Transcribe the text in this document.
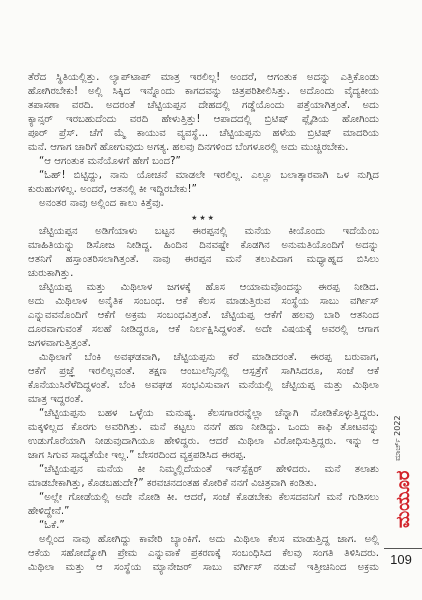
ತೆರೆದ ಸ್ಥಿತಿಯಲ್ಲಿತ್ತು. ಲ್ಯಾಪ್‌ಟಾಪ್ ಮಾತ್ರ ಇರಲಿಲ್ಲ! ಅಂದರೆ, ಆಗಂತುಕ ಅದನ್ನು ಎತ್ತಿಕೊಂಡು
ಹೋಗಿರಬೇಕು! ಅಲ್ಲಿ ಸಿಕ್ಕಿದ ಇನ್ನೊಂದು ಕಾಗದವನ್ನು ಚಿತ್ರಪರಿಶೀಲಿಸಿತ್ತು. ಅದೊಂದು ವೈದ್ಯಕೀಯ
ತಪಾಸಣಾ ವರದಿ. ಅದರಂತೆ ಚೆಟ್ಟಿಯಪ್ಪನ ದೇಹದಲ್ಲಿ ಗಡ್ಡೆಯೊಂದು ಪತ್ತೆಯಾಗಿತ್ತಂತೆ. ಅದು
ಕ್ಯಾನ್ಸರ್ ಇರಬಹುದೆಂದು ವರದಿ ಹೇಳುತ್ತಿತ್ತು! ಆಪಾದದಲ್ಲಿ ಬ್ರಿಟಿಷ್ ಪ್ಲೈಡಿಯ ಹೋಗಿಂದು
ಪೂರ್ ಪ್ರೆಸ್. ಚೆಗೆ ಮ್ಮೆ ಕಾಯುವ ವ್ಯವಸ್ಥೆ... ಚೆಟ್ಟಿಯಪ್ಪನು ಹಳೆಯ ಬ್ರಿಟಿಷ್ ಮಾದರಿಯ
ಮನೆ. ಆಗಾಗ ಚಾರಿಗೆ ಹೋಗುವುದು ಅಗತ್ಯ. ಹಲವು ದಿನಗಳಿಂದ ಬೆಂಗಳೂರಲ್ಲಿ ಅದು ಮುಚ್ಚಿರಬೇಕು.
“ಆ ಆಗಂತುಕ ಮನೆಯೊಳಗೆ ಹೇಗೆ ಬಂದ?”
“ಓಹ್! ಬಿಟ್ಟಿದ್ದು, ನಾನು ಯೋಚನೆ ಮಾಡಲೇ ಇರಲಿಲ್ಲ. ಎಲ್ಲೂ ಬಲಾತ್ಕಾರವಾಗಿ ಒಳ ನುಗ್ಗಿದ
ಕುರುಹುಗಳಿಲ್ಲ. ಅಂದರೆ, ಆತನಲ್ಲಿ ಕೀ ಇದ್ದಿರಬೇಕು!”
ಅನಂತರ ನಾವು ಅಲ್ಲಿಂದ ಕಾಲು ಕಿತ್ತೆವು.
★★★
ಚೆಟ್ಟಿಯಪ್ಪನ ಅಡಿಗೆಯಾಳು ಬಟ್ಟನ ಈರಪ್ಪನಲ್ಲಿ ಮನೆಯ ಕೀಯೊಂದು ಇದೆಯೆಂಬ
ಮಾಹಿತಿಯನ್ನು ಡಿಸೋಜ ನೀಡಿದ್ದ. ಹಿಂದಿನ ದಿನವಷ್ಟೇ ಕೊಡಗಿನ ಅನುಮತಿಯೊಂದಿಗೆ ಅದನ್ನು
ಆತನಿಗೆ ಹಸ್ತಾಂತರಿಸಲಾಗಿತ್ತಂತೆ. ನಾವು ಈರಪ್ಪನ ಮನೆ ತಲುಪಿದಾಗ ಮಧ್ಯಾಹ್ನದ ಬಿಸಿಲು
ಚುರುಕಾಗಿತ್ತು.
ಚೆಟ್ಟಿಯಪ್ಪ ಮತ್ತು ಮಿಥಿಲಾಳ ಜಗಳಕ್ಕೆ ಹೊಸ ಆಯಾಮವೊಂದನ್ನು ಈರಪ್ಪ ನೀಡಿದ.
ಅದು ಮಿಥಿಲಾಳ ಅನೈತಿಕ ಸಂಬಂಧ. ಆಕೆ ಕೆಲಸ ಮಾಡುತ್ತಿರುವ ಸಂಸ್ಥೆಯ ಸಾಬು ವರ್ಗೀಸ್
ಎನ್ನುವವನೊಂದಿಗೆ ಆಕೆಗೆ ಅಕ್ರಮ ಸಂಬಂಧವಿತ್ತಂತೆ. ಚೆಟ್ಟಿಯಪ್ಪ ಆಕೆಗೆ ಹಲವು ಬಾರಿ ಆತನಿಂದ
ದೂರವಾಗುವಂತೆ ಸಲಹೆ ನೀಡಿದ್ದರೂ, ಆಕೆ ನಿರ್ಲಕ್ಷಿಸಿದ್ದಳಂತೆ. ಅದೇ ವಿಷಯಕ್ಕೆ ಅವರಲ್ಲಿ ಆಗಾಗ
ಜಗಳವಾಗುತ್ತಿತ್ತಂತೆ.
ಮಿಥಿಲಾಗೆ ಬೆಂಕಿ ಅವಘಡವಾಗಿ, ಚೆಟ್ಟಿಯಪ್ಪನು ಕರೆ ಮಾಡಿದರಂತೆ. ಈರಪ್ಪ ಬರುವಾಗ,
ಆಕೆಗೆ ಪ್ರಜ್ಞೆ ಇರಲಿಲ್ಲವಂತೆ. ತಕ್ಷಣ ಆಂಬುಲೆನ್ಸಿನಲ್ಲಿ ಆಸ್ಪತ್ರೆಗೆ ಸಾಗಿಸಿದರೂ, ಸಂಜೆ ಆಕೆ
ಕೊನೆಯುಸಿರೆಳೆದಿದ್ದಳಂತೆ. ಬೆಂಕಿ ಅವಘಡ ಸಂಭವಿಸುವಾಗ ಮನೆಯಲ್ಲಿ ಚೆಟ್ಟಿಯಪ್ಪ ಮತ್ತು ಮಿಥಿಲಾ
ಮಾತ್ರ ಇದ್ದರಂತೆ.
“ಚೆಟ್ಟಿಯಪ್ಪನು ಬಹಳ ಒಳ್ಳೆಯ ಮನುಷ್ಯ. ಕೆಲಸಗಾರರನ್ನೆಲ್ಲಾ ಚೆನ್ನಾಗಿ ನೋಡಿಕೊಳ್ಳುತ್ತಿದ್ದರು.
ಮಕ್ಕಳಿಲ್ಲದ ಕೊರಗು ಅವರಿಗಿತ್ತು. ಮನೆ ಕಟ್ಟಲು ನನಗೆ ಹಣ ನೀಡಿದ್ದು. ಒಂದು ಕಾಫಿ ತೋಟವನ್ನು
ಉಡುಗೊರೆಯಾಗಿ ನೀಡುವುದಾಗಿಯೂ ಹೇಳಿದ್ದರು. ಆದರೆ ಮಿಥಿಲಾ ವಿರೋಧಿಸುತ್ತಿದ್ದರು. ಇನ್ನು ಆ
ಜಾಗ ಸಿಗುವ ಸಾಧ್ಯತೆಯೇ ಇಲ್ಲ.” ಬೇಸರದಿಂದ ವ್ಯಕ್ತಪಡಿಸಿದ ಈರಪ್ಪ.
“ಚೆಟ್ಟಿಯಪ್ಪನ ಮನೆಯ ಕೀ ನಿಮ್ಮಲ್ಲಿದೆಯಂತೆ ಇನ್‌ಸ್ಪೆಕ್ಟರ್ ಹೇಳಿದರು. ಮನೆ ತಲಾಶು
ಮಾಡಬೇಕಾಗಿತ್ತು, ಕೊಡಬಹುದೇ?” ಕರವಚನದಂತಹ ಕೋರಿಕೆ ನನಗೆ ವಿಚಿತ್ರವಾಗಿ ಕಂಡಿತು.
“ಅಲ್ಲೇ ಗೋಡೆಯಲ್ಲಿ ಅದೇ ನೋಡಿ ಕೀ. ಆದರೆ, ಸಂಜೆ ಕೊಡಬೇಕು ಕೆಲಸದವನಿಗೆ ಮನೆ ಗುಡಿಸಲು
ಹೇಳಿದ್ದೇನೆ.”
“ಓಕೆ.”
ಅಲ್ಲಿಂದ ನಾವು ಹೋಗಿದ್ದು ಕಾವೇರಿ ಬ್ಯಾಂಕಿಗೆ. ಅದು ಮಿಥಿಲಾ ಕೆಲಸ ಮಾಡುತ್ತಿದ್ದ ಜಾಗ. ಅಲ್ಲಿ
ಆಕೆಯ ಸಹೋದ್ಯೋಗಿ ಪ್ರೇಮ ಎನ್ನುವಾಕೆ ಪ್ರಕರಣಕ್ಕೆ ಸಂಬಂಧಿಸಿದ ಕೆಲವು ಸಂಗತಿ ತಿಳಿಸಿದರು.
ಮಿಥಿಲಾ ಮತ್ತು ಆ ಸಂಸ್ಥೆಯ ಮ್ಯಾನೇಜರ್ ಸಾಬು ವರ್ಗೀಸ್ ನಡುವೆ ಇತ್ತೀಚಿನಿಂದ ಅಕ್ರಮ
ಮಾರ್ಚ್ 2022
ಮಯೂರ
109
